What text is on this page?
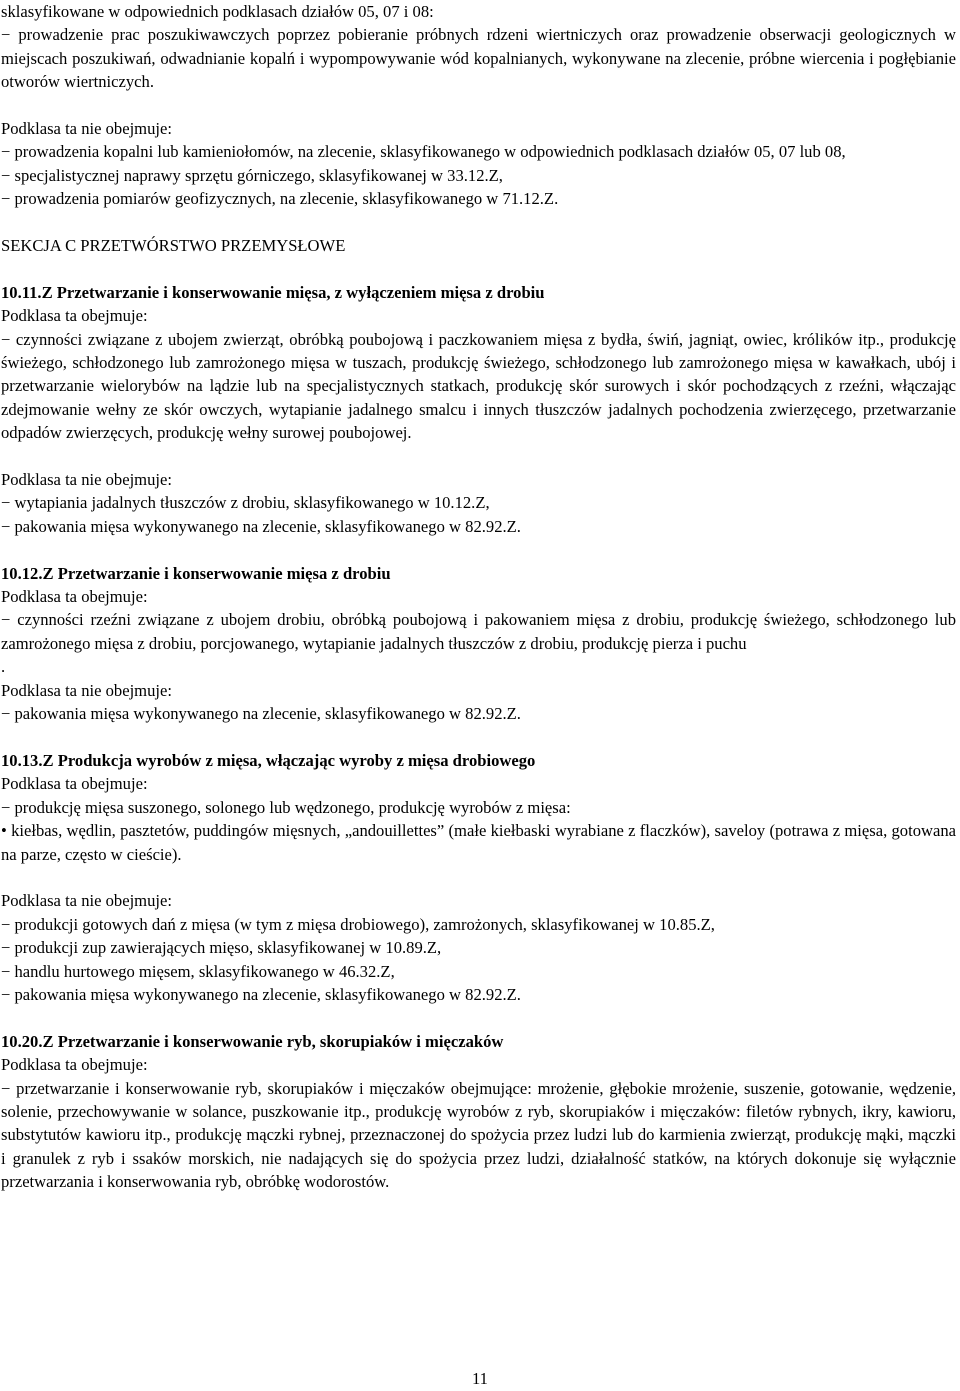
sklasyfikowane w odpowiednich podklasach działów 05, 07 i 08:

− prowadzenie prac poszukiwawczych poprzez pobieranie próbnych rdzeni wiertniczych oraz prowadzenie obserwacji geologicznych w miejscach poszukiwań, odwadnianie kopalń i wypompowywanie wód kopalnianych, wykonywane na zlecenie, próbne wiercenia i pogłębianie otworów wiertniczych.

Podklasa ta nie obejmuje:

− prowadzenia kopalni lub kamieniołomów, na zlecenie, sklasyfikowanego w odpowiednich podklasach działów 05, 07 lub 08,

− specjalistycznej naprawy sprzętu górniczego, sklasyfikowanej w 33.12.Z,

− prowadzenia pomiarów geofizycznych, na zlecenie, sklasyfikowanego w 71.12.Z.

SEKCJA C PRZETWÓRSTWO PRZEMYSŁOWE

10.11.Z Przetwarzanie i konserwowanie mięsa, z wyłączeniem mięsa z drobiu

Podklasa ta obejmuje:

− czynności związane z ubojem zwierząt, obróbką poubojową i paczkowaniem mięsa z bydła, świń, jagniąt, owiec, królików itp., produkcję świeżego, schłodzonego lub zamrożonego mięsa w tuszach, produkcję świeżego, schłodzonego lub zamrożonego mięsa w kawałkach, ubój i przetwarzanie wielorybów na lądzie lub na specjalistycznych statkach, produkcję skór surowych i skór pochodzących z rzeźni, włączając zdejmowanie wełny ze skór owczych, wytapianie jadalnego smalcu i innych tłuszczów jadalnych pochodzenia zwierzęcego, przetwarzanie odpadów zwierzęcych, produkcję wełny surowej poubojowej.

Podklasa ta nie obejmuje:

− wytapiania jadalnych tłuszczów z drobiu, sklasyfikowanego w 10.12.Z,

− pakowania mięsa wykonywanego na zlecenie, sklasyfikowanego w 82.92.Z.

10.12.Z Przetwarzanie i konserwowanie mięsa z drobiu

Podklasa ta obejmuje:

− czynności rzeźni związane z ubojem drobiu, obróbką poubojową i pakowaniem mięsa z drobiu, produkcję świeżego, schłodzonego lub zamrożonego mięsa z drobiu, porcjowanego, wytapianie jadalnych tłuszczów z drobiu, produkcję pierza i puchu

.

Podklasa ta nie obejmuje:

− pakowania mięsa wykonywanego na zlecenie, sklasyfikowanego w 82.92.Z.

10.13.Z Produkcja wyrobów z mięsa, włączając wyroby z mięsa drobiowego

Podklasa ta obejmuje:

− produkcję mięsa suszonego, solonego lub wędzonego, produkcję wyrobów z mięsa:

• kiełbas, wędlin, pasztetów, puddingów mięsnych, „andouillettes” (małe kiełbaski wyrabiane z flaczków), saveloy (potrawa z mięsa, gotowana na parze, często w cieście).

Podklasa ta nie obejmuje:

− produkcji gotowych dań z mięsa (w tym z mięsa drobiowego), zamrożonych, sklasyfikowanej w 10.85.Z,

− produkcji zup zawierających mięso, sklasyfikowanej w 10.89.Z,

− handlu hurtowego mięsem, sklasyfikowanego w 46.32.Z,

− pakowania mięsa wykonywanego na zlecenie, sklasyfikowanego w 82.92.Z.

10.20.Z Przetwarzanie i konserwowanie ryb, skorupiaków i mięczaków

Podklasa ta obejmuje:

− przetwarzanie i konserwowanie ryb, skorupiaków i mięczaków obejmujące: mrożenie, głębokie mrożenie, suszenie, gotowanie, wędzenie, solenie, przechowywanie w solance, puszkowanie itp., produkcję wyrobów z ryb, skorupiaków i mięczaków: filetów rybnych, ikry, kawioru, substytutów kawioru itp., produkcję mączki rybnej, przeznaczonej do spożycia przez ludzi lub do karmienia zwierząt, produkcję mąki, mączki i granulek z ryb i ssaków morskich, nie nadających się do spożycia przez ludzi, działalność statków, na których dokonuje się wyłącznie przetwarzania i konserwowania ryb, obróbkę wodorostów.

11
